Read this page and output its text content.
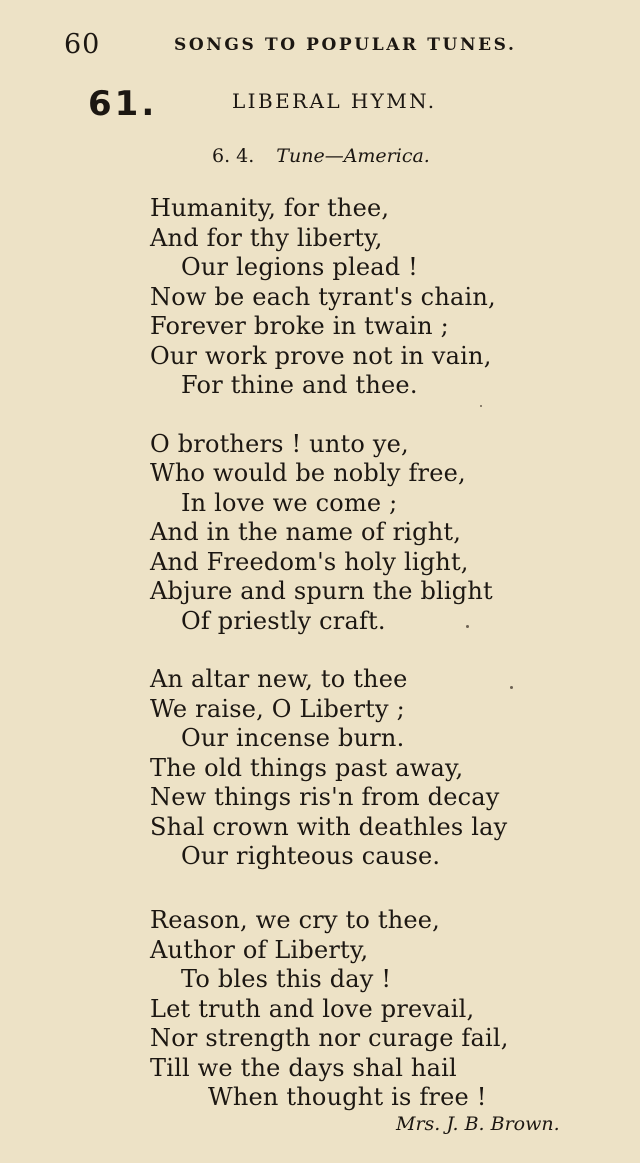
60	SONGS TO POPULAR TUNES.
61.	LIBERAL HYMN.
6. 4. Tune—America.
Humanity, for thee,
And for thy liberty,
Our legions plead !
Now be each tyrant's chain,
Forever broke in twain ;
Our work prove not in vain,
For thine and thee.
O brothers ! unto ye,
Who would be nobly free,
In love we come ;
And in the name of right,
And Freedom's holy light,
Abjure and spurn the blight
Of priestly craft.
An altar new, to thee
We raise, O Liberty ;
Our incense burn.
The old things past away,
New things ris'n from decay
Shal crown with deathles lay
Our righteous cause.
Reason, we cry to thee,
Author of Liberty,
To bles this day !
Let truth and love prevail,
Nor strength nor curage fail,
Till we the days shal hail
When thought is free !
Mrs. J. B. Brown.
